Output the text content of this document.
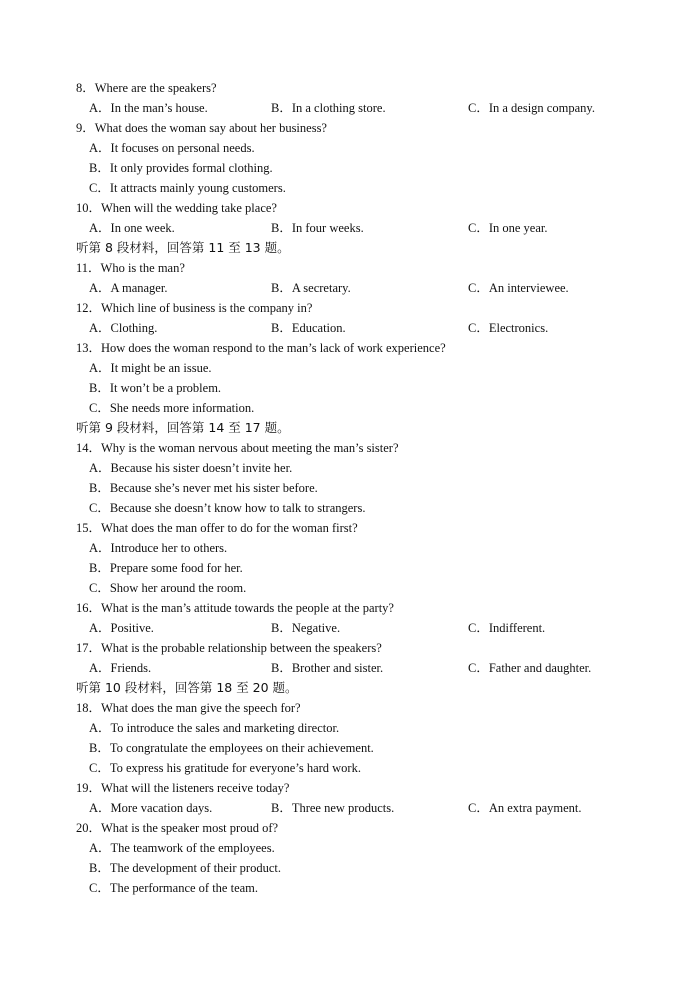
8．Where are the speakers?
A．In the man’s house.	B．In a clothing store.	C．In a design company.
9．What does the woman say about her business?
A．It focuses on personal needs.
B．It only provides formal clothing.
C．It attracts mainly young customers.
10．When will the wedding take place?
A．In one week.	B．In four weeks.	C．In one year.
听第 8 段材料，回答第 11 至 13 题。
11．Who is the man?
A．A manager.	B．A secretary.	C．An interviewee.
12．Which line of business is the company in?
A．Clothing.	B．Education.	C．Electronics.
13．How does the woman respond to the man’s lack of work experience?
A．It might be an issue.
B．It won’t be a problem.
C．She needs more information.
听第 9 段材料，回答第 14 至 17 题。
14．Why is the woman nervous about meeting the man’s sister?
A．Because his sister doesn’t invite her.
B．Because she’s never met his sister before.
C．Because she doesn’t know how to talk to strangers.
15．What does the man offer to do for the woman first?
A．Introduce her to others.
B．Prepare some food for her.
C．Show her around the room.
16．What is the man’s attitude towards the people at the party?
A．Positive.	B．Negative.	C．Indifferent.
17．What is the probable relationship between the speakers?
A．Friends.	B．Brother and sister.	C．Father and daughter.
听第 10 段材料，回答第 18 至 20 题。
18．What does the man give the speech for?
A．To introduce the sales and marketing director.
B．To congratulate the employees on their achievement.
C．To express his gratitude for everyone’s hard work.
19．What will the listeners receive today?
A．More vacation days.	B．Three new products.	C．An extra payment.
20．What is the speaker most proud of?
A．The teamwork of the employees.
B．The development of their product.
C．The performance of the team.
